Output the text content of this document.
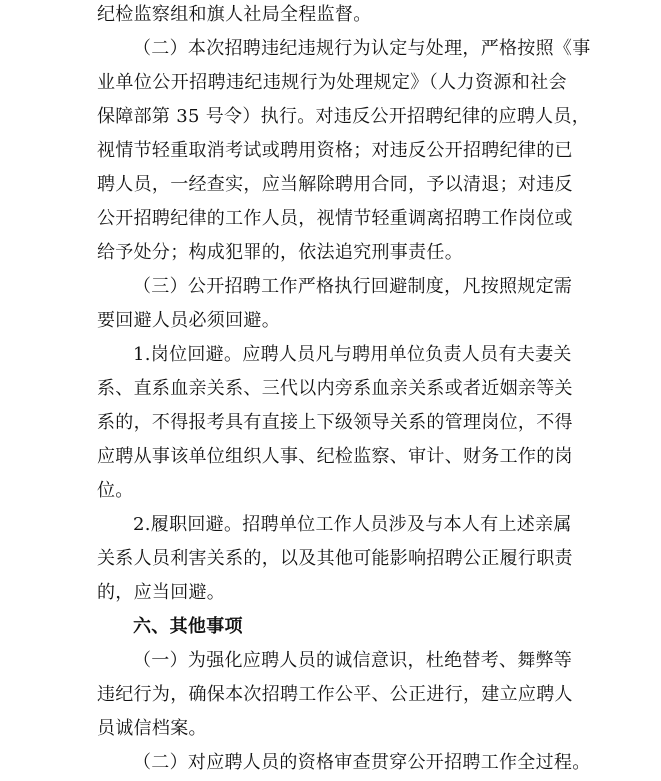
纪检监察组和旗人社局全程监督。
（二）本次招聘违纪违规行为认定与处理，严格按照《事
业单位公开招聘违纪违规行为处理规定》（人力资源和社会
保障部第 35 号令）执行。对违反公开招聘纪律的应聘人员，
视情节轻重取消考试或聘用资格；对违反公开招聘纪律的已
聘人员，一经查实，应当解除聘用合同，予以清退；对违反
公开招聘纪律的工作人员，视情节轻重调离招聘工作岗位或
给予处分；构成犯罪的，依法追究刑事责任。
（三）公开招聘工作严格执行回避制度，凡按照规定需
要回避人员必须回避。
1.岗位回避。应聘人员凡与聘用单位负责人员有夫妻关
系、直系血亲关系、三代以内旁系血亲关系或者近姻亲等关
系的，不得报考具有直接上下级领导关系的管理岗位，不得
应聘从事该单位组织人事、纪检监察、审计、财务工作的岗
位。
2.履职回避。招聘单位工作人员涉及与本人有上述亲属
关系人员利害关系的，以及其他可能影响招聘公正履行职责
的，应当回避。
六、其他事项
（一）为强化应聘人员的诚信意识，杜绝替考、舞弊等
违纪行为，确保本次招聘工作公平、公正进行，建立应聘人
员诚信档案。
（二）对应聘人员的资格审查贯穿公开招聘工作全过程。
